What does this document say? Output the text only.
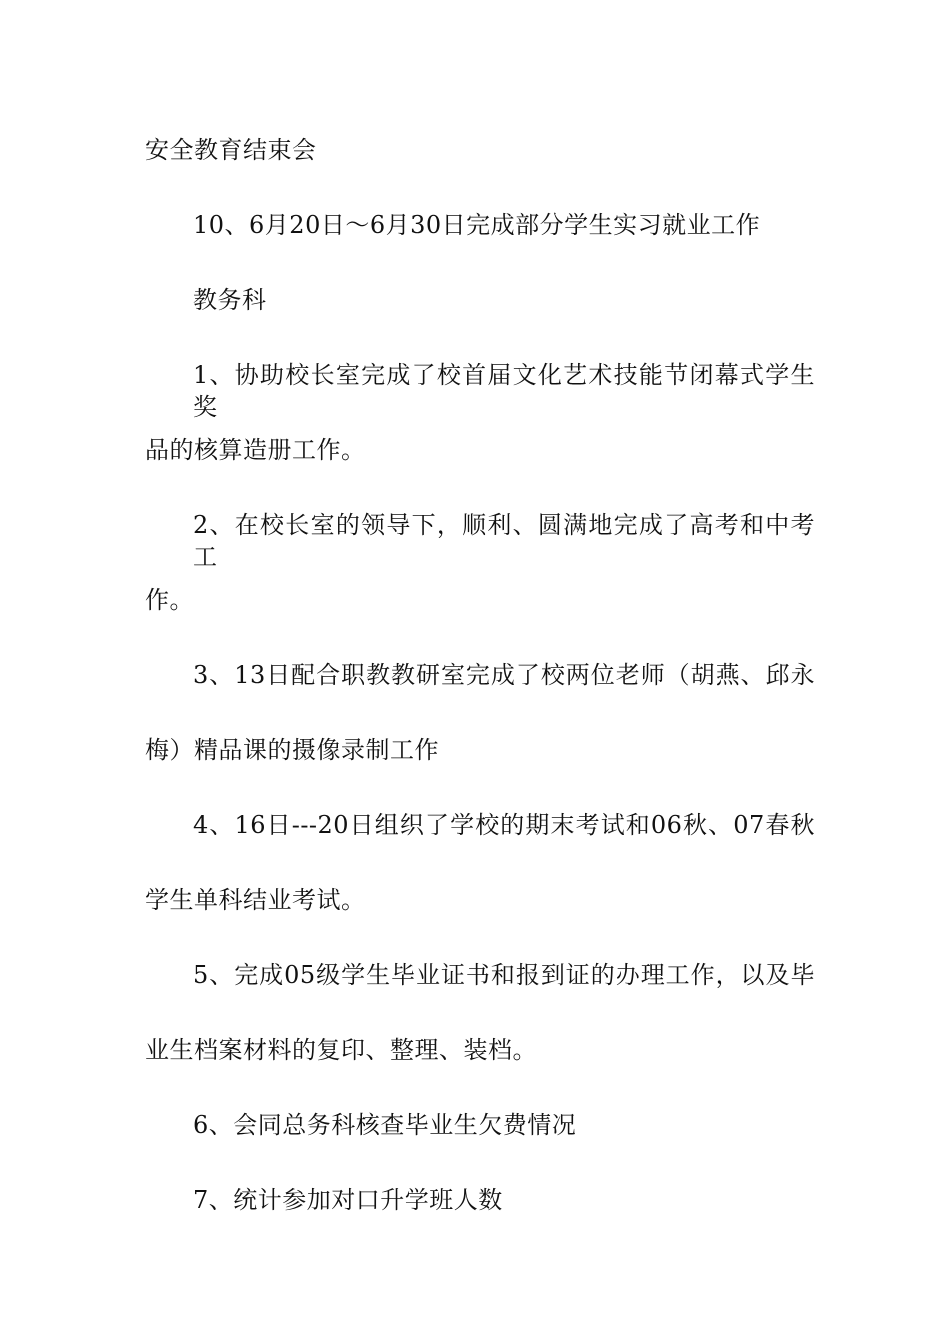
安全教育结束会
10、6月20日～6月30日完成部分学生实习就业工作
教务科
1、协助校长室完成了校首届文化艺术技能节闭幕式学生奖
品的核算造册工作。
2、在校长室的领导下，顺利、圆满地完成了高考和中考工
作。
3、13日配合职教教研室完成了校两位老师（胡燕、邱永
梅）精品课的摄像录制工作
4、16日---20日组织了学校的期末考试和06秋、07春秋
学生单科结业考试。
5、完成05级学生毕业证书和报到证的办理工作，以及毕
业生档案材料的复印、整理、装档。
6、会同总务科核查毕业生欠费情况
7、统计参加对口升学班人数
